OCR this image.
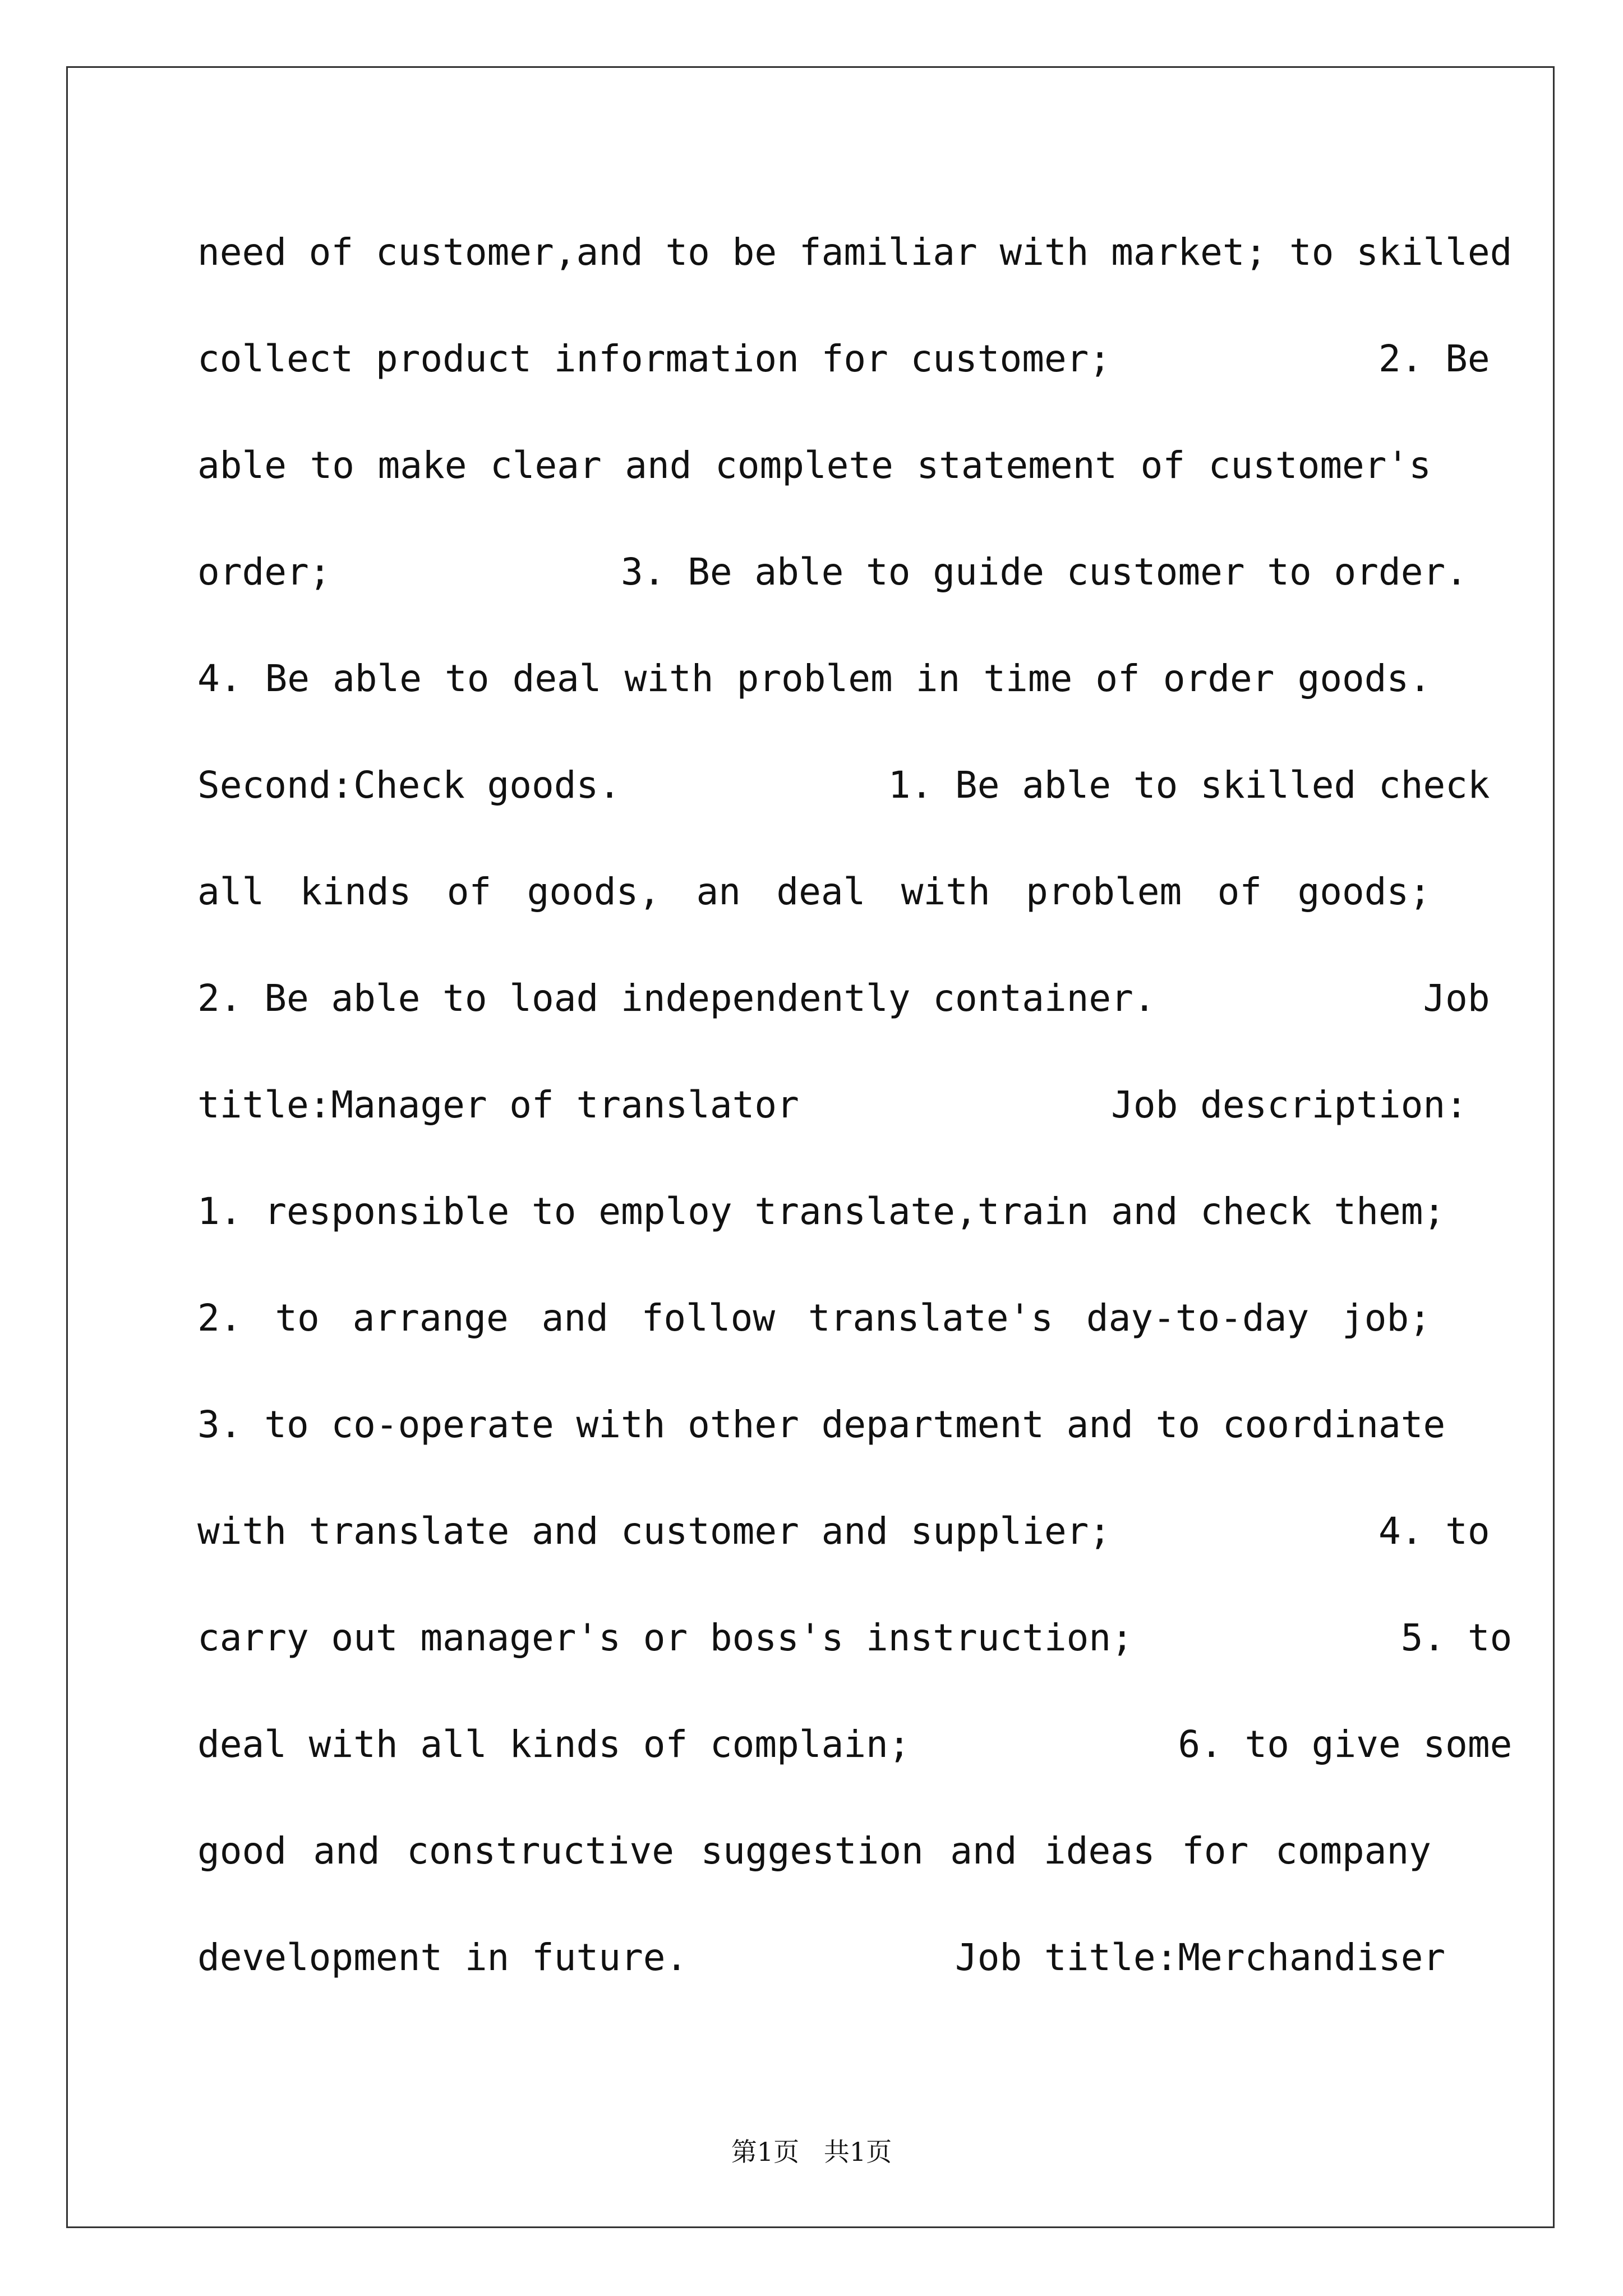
need of customer,and to be familiar with market; to skilled
collect product information for customer;            2. Be
able to make clear and complete statement of customer's
order;             3. Be able to guide customer to order.
4. Be able to deal with problem in time of order goods.
Second:Check goods.            1. Be able to skilled check
all kinds of goods, an deal with problem of goods;
2. Be able to load independently container.            Job
title:Manager of translator              Job description:
1. responsible to employ translate,train and check them;
2. to arrange and follow translate's day-to-day job;
3. to co-operate with other department and to coordinate
with translate and customer and supplier;            4. to
carry out manager's or boss's instruction;            5. to
deal with all kinds of complain;            6. to give some
good and constructive suggestion and ideas for company
development in future.            Job title:Merchandiser
第1页   共1页
